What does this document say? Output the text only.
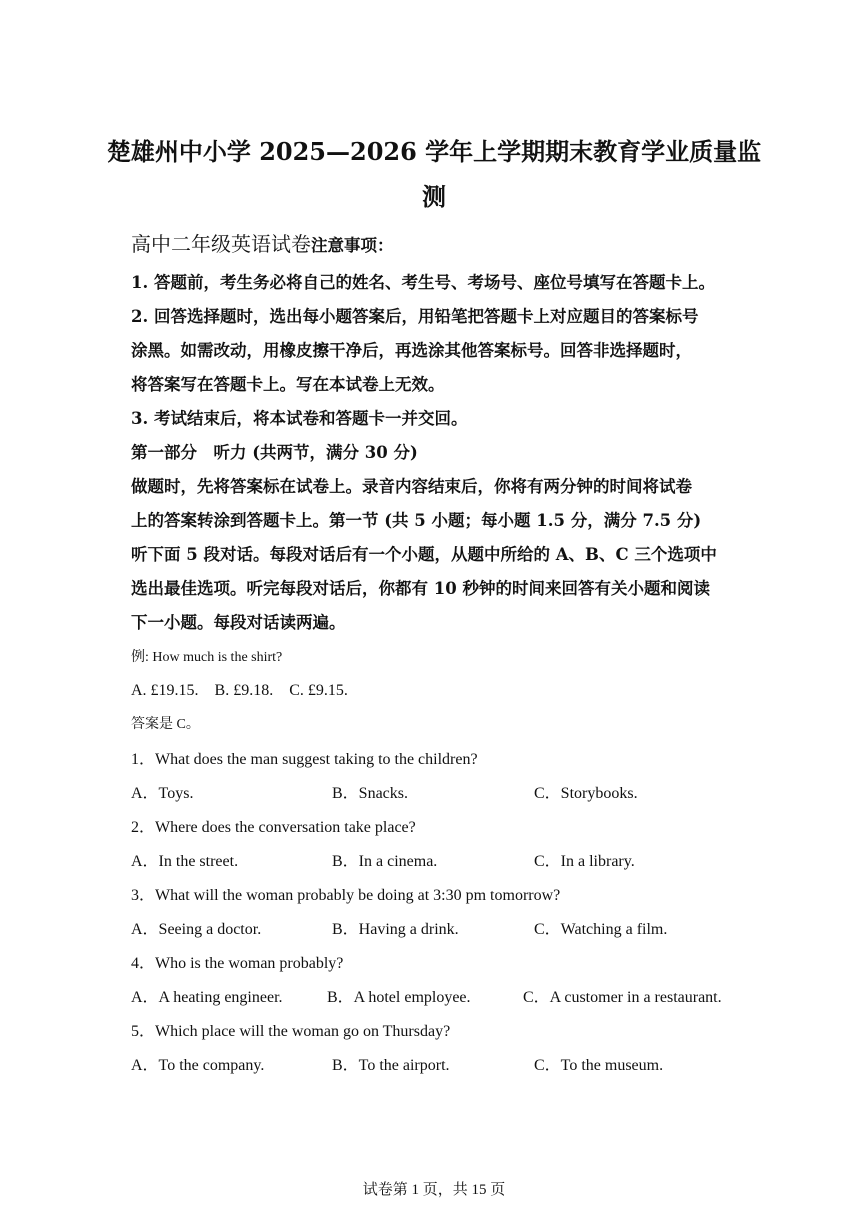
楚雄州中小学 2025—2026 学年上学期期末教育学业质量监
测
高中二年级英语试卷注意事项：
1. 答题前，考生务必将自己的姓名、考生号、考场号、座位号填写在答题卡上。
2. 回答选择题时，选出每小题答案后，用铅笔把答题卡上对应题目的答案标号
涂黑。如需改动，用橡皮擦干净后，再选涂其他答案标号。回答非选择题时，
将答案写在答题卡上。写在本试卷上无效。
3. 考试结束后，将本试卷和答题卡一并交回。
第一部分　听力 (共两节，满分 30 分)
做题时，先将答案标在试卷上。录音内容结束后，你将有两分钟的时间将试卷
上的答案转涂到答题卡上。第一节 (共 5 小题；每小题 1.5 分，满分 7.5 分)
听下面 5 段对话。每段对话后有一个小题，从题中所给的 A、B、C 三个选项中
选出最佳选项。听完每段对话后，你都有 10 秒钟的时间来回答有关小题和阅读
下一小题。每段对话读两遍。
例: How much is the shirt?
A. £19.15.　B. £9.18.　C. £9.15.
答案是 C。
1．What does the man suggest taking to the children?
A．Toys.	B．Snacks.	C．Storybooks.
2．Where does the conversation take place?
A．In the street.	B．In a cinema.	C．In a library.
3．What will the woman probably be doing at 3:30 pm tomorrow?
A．Seeing a doctor.	B．Having a drink.	C．Watching a film.
4．Who is the woman probably?
A．A heating engineer.	B．A hotel employee.	C．A customer in a restaurant.
5．Which place will the woman go on Thursday?
A．To the company.	B．To the airport.	C．To the museum.
试卷第 1 页，共 15 页
